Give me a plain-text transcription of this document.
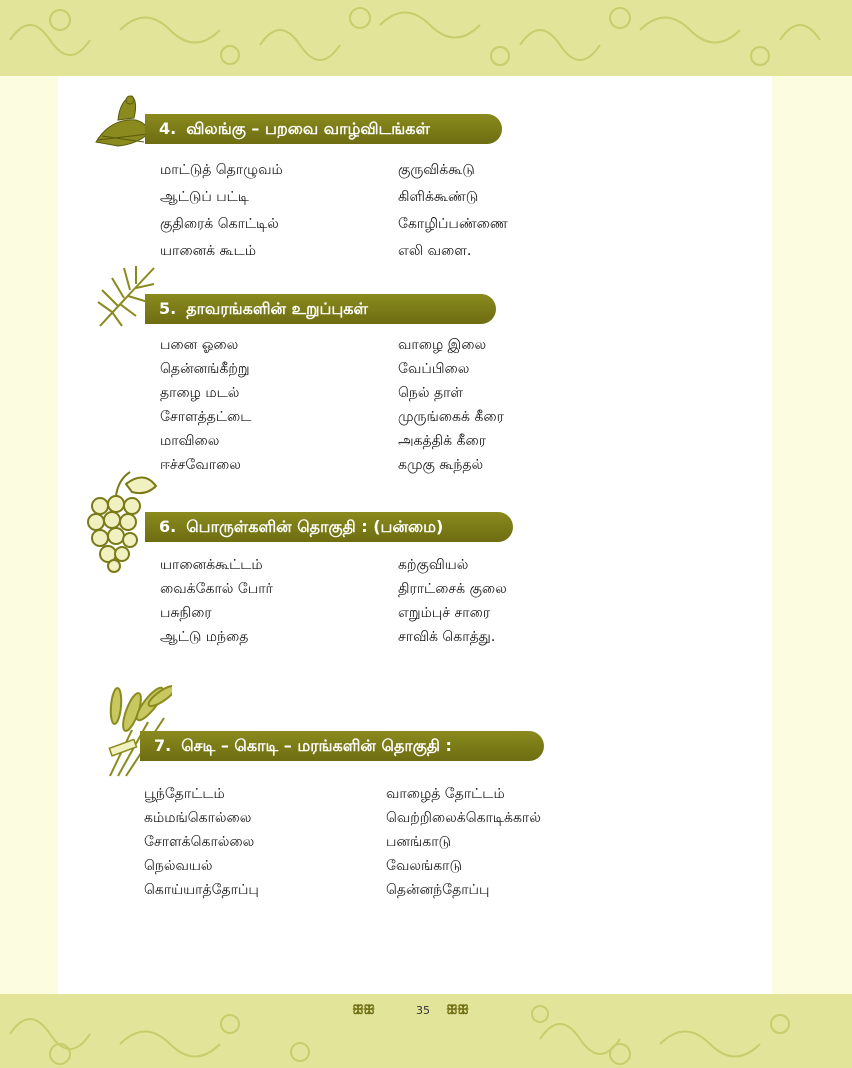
4. விலங்கு – பறவை வாழ்விடங்கள்
மாட்டுத் தொழுவம்
ஆட்டுப் பட்டி
குதிரைக் கொட்டில்
யானைக் கூடம்
குருவிக்கூடு
கிளிக்கூண்டு
கோழிப்பண்ணை
எலி வளை.
5. தாவரங்களின் உறுப்புகள்
பனை ஓலை
தென்னங்கீற்று
தாழை மடல்
சோளத்தட்டை
மாவிலை
ஈச்சவோலை
வாழை இலை
வேப்பிலை
நெல் தாள்
முருங்கைக் கீரை
அகத்திக் கீரை
கமுகு கூந்தல்
6. பொருள்களின் தொகுதி : (பன்மை)
யானைக்கூட்டம்
வைக்கோல் போர்
பசுநிரை
ஆட்டு மந்தை
கற்குவியல்
திராட்சைக் குலை
எறும்புச் சாரை
சாவிக் கொத்து.
7. செடி – கொடி – மரங்களின் தொகுதி :
பூந்தோட்டம்
கம்மங்கொல்லை
சோளக்கொல்லை
நெல்வயல்
கொய்யாத்தோப்பு
வாழைத் தோட்டம்
வெற்றிலைக்கொடிக்கால்
பனங்காடு
வேலங்காடு
தென்னந்தோப்பு
ꕥꕥ	35 ꕥꕥ
